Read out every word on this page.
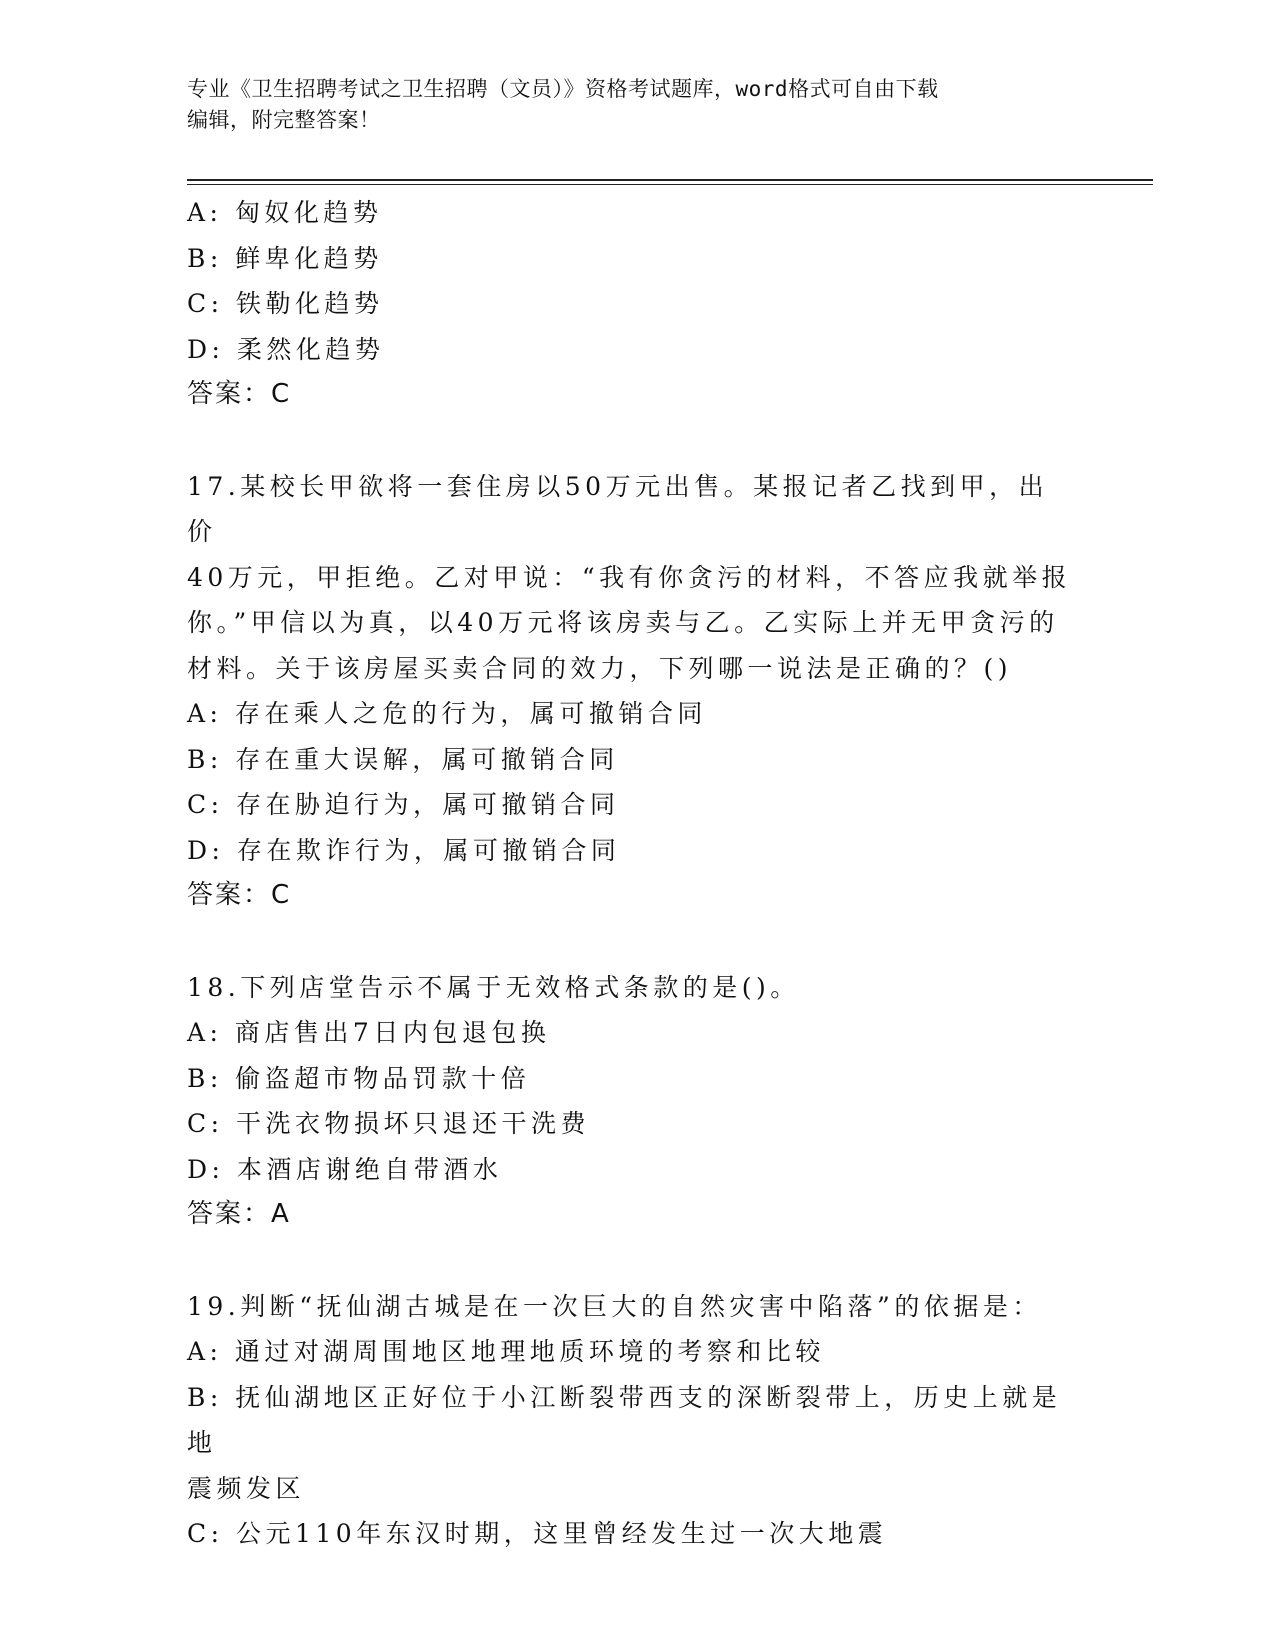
专业《卫生招聘考试之卫生招聘（文员）》资格考试题库，word格式可自由下载
编辑，附完整答案！
A: 匈奴化趋势
B: 鲜卑化趋势
C: 铁勒化趋势
D: 柔然化趋势
答案：C
17.某校长甲欲将一套住房以50万元出售。某报记者乙找到甲，出价
40万元，甲拒绝。乙对甲说：“我有你贪污的材料，不答应我就举报
你。”甲信以为真，以40万元将该房卖与乙。乙实际上并无甲贪污的
材料。关于该房屋买卖合同的效力，下列哪一说法是正确的？()
A: 存在乘人之危的行为，属可撤销合同
B: 存在重大误解，属可撤销合同
C: 存在胁迫行为，属可撤销合同
D: 存在欺诈行为，属可撤销合同
答案：C
18.下列店堂告示不属于无效格式条款的是()。
A: 商店售出7日内包退包换
B: 偷盗超市物品罚款十倍
C: 干洗衣物损坏只退还干洗费
D: 本酒店谢绝自带酒水
答案：A
19.判断“抚仙湖古城是在一次巨大的自然灾害中陷落”的依据是：
A: 通过对湖周围地区地理地质环境的考察和比较
B: 抚仙湖地区正好位于小江断裂带西支的深断裂带上，历史上就是地
震频发区
C: 公元110年东汉时期，这里曾经发生过一次大地震
